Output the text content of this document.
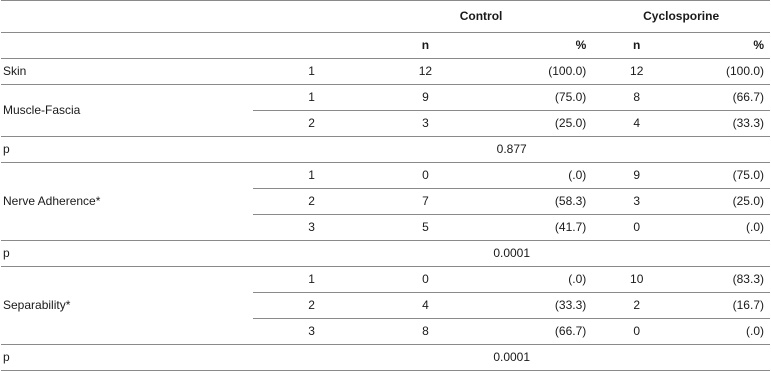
		Control		Cyclosporine	
		n	%	n	%
Skin	1	12	(100.0)	12	(100.0)
Muscle-Fascia	1	9	(75.0)	8	(66.7)
	2	3	(25.0)	4	(33.3)
p	0.877				
Nerve Adherence*	1	0	(.0)	9	(75.0)
	2	7	(58.3)	3	(25.0)
	3	5	(41.7)	0	(.0)
p	0.0001				
Separability*	1	0	(.0)	10	(83.3)
	2	4	(33.3)	2	(16.7)
	3	8	(66.7)	0	(.0)
p	0.0001				
